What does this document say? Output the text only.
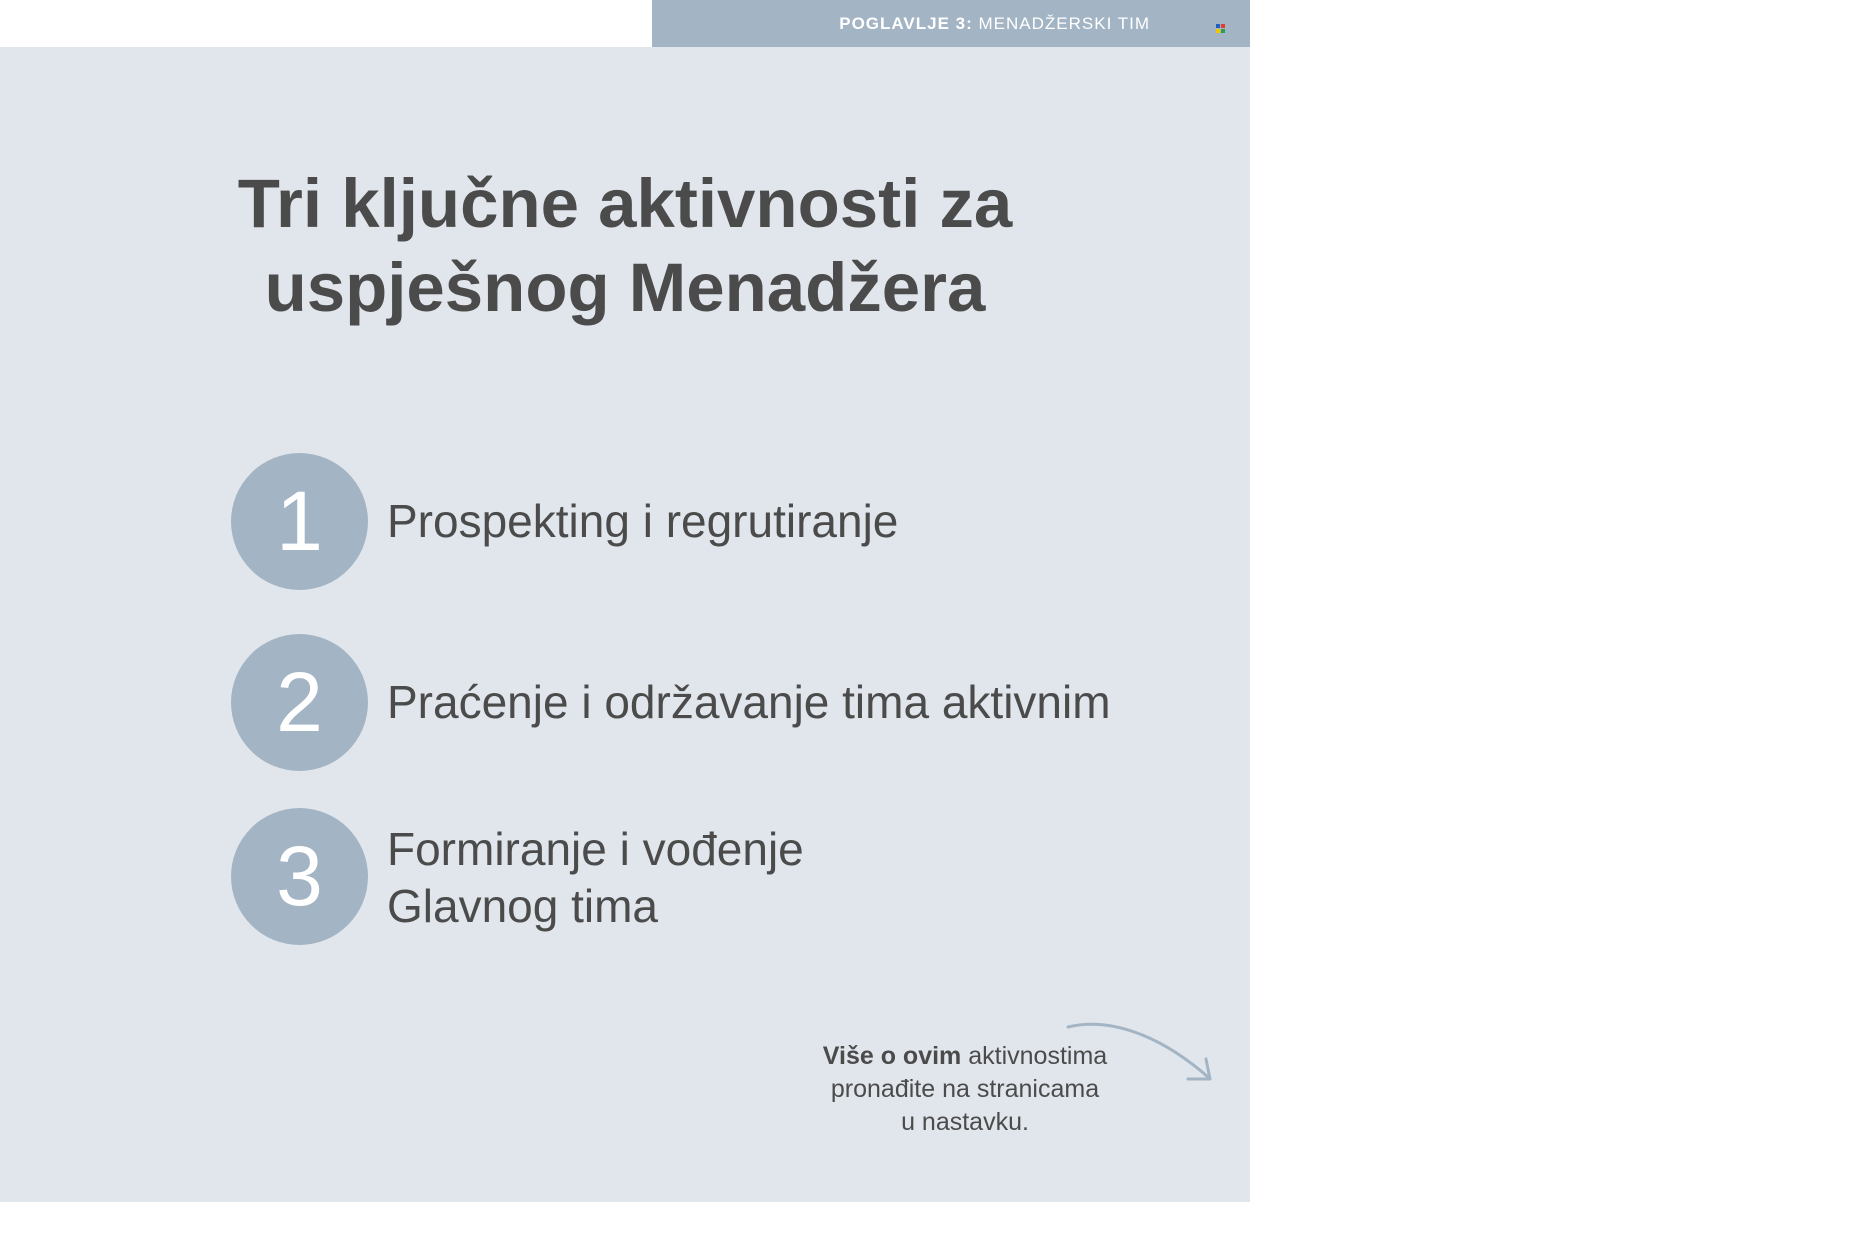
POGLAVLJE 3: MENADŽERSKI TIM	31
Tri ključne aktivnosti za
uspješnog Menadžera
1	Prospekting i regrutiranje
2	Praćenje i održavanje tima aktivnim
3	Formiranje i vođenje
Glavnog tima
Više o ovim aktivnostima
pronađite na stranicama
u nastavku.
